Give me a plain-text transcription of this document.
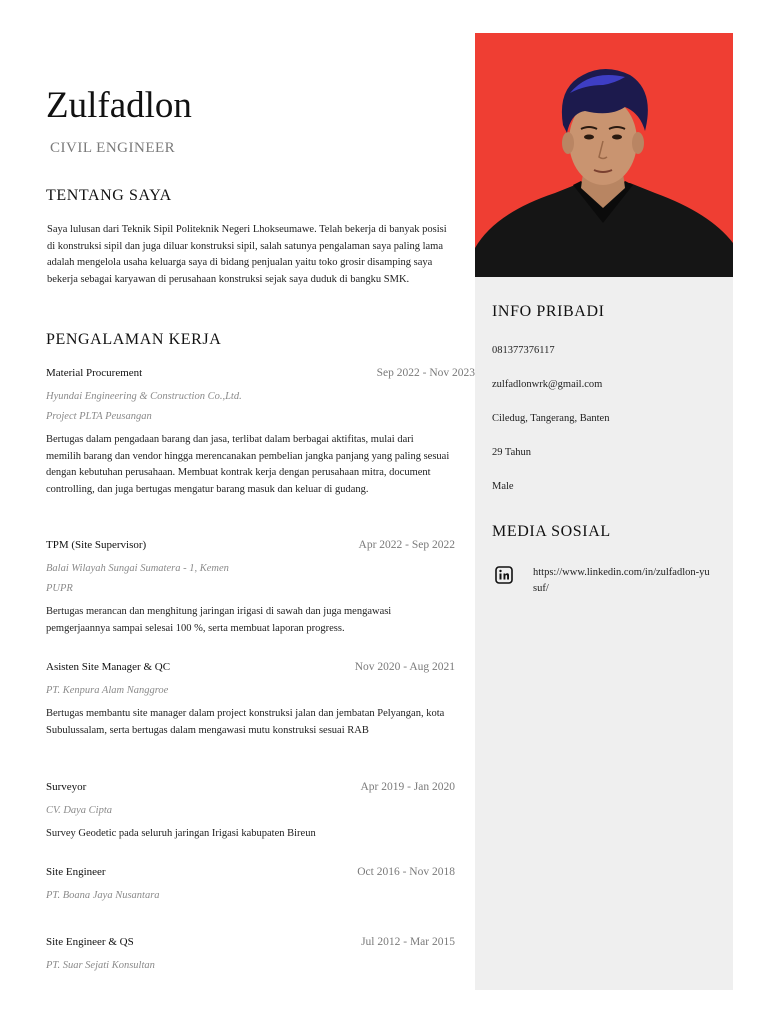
Zulfadlon
CIVIL ENGINEER
TENTANG SAYA
Saya lulusan dari Teknik Sipil Politeknik Negeri Lhokseumawe. Telah bekerja di banyak posisi di konstruksi sipil dan juga diluar konstruksi sipil, salah satunya pengalaman saya paling lama adalah mengelola usaha keluarga saya di bidang penjualan yaitu toko grosir disamping saya bekerja sebagai karyawan di perusahaan konstruksi sejak saya duduk di bangku SMK.
PENGALAMAN KERJA
Material Procurement	Sep 2022 - Nov 2023
Hyundai Engineering & Construction Co.,Ltd. Project PLTA Peusangan
Bertugas dalam pengadaan barang dan jasa, terlibat dalam berbagai aktifitas, mulai dari memilih barang dan vendor hingga merencanakan pembelian jangka panjang yang paling sesuai dengan kebutuhan perusahaan. Membuat kontrak kerja dengan perusahaan mitra, document controlling, dan juga bertugas mengatur barang masuk dan keluar di gudang.
TPM (Site Supervisor)	Apr 2022 - Sep 2022
Balai Wilayah Sungai Sumatera - 1, Kemen PUPR
Bertugas merancan dan menghitung jaringan irigasi di sawah dan juga mengawasi pemgerjaannya sampai selesai 100 %, serta membuat laporan progress.
Asisten Site Manager & QC	Nov 2020 - Aug 2021
PT. Kenpura Alam Nanggroe
Bertugas membantu site manager dalam project konstruksi jalan dan jembatan Pelyangan, kota Subulussalam, serta bertugas dalam mengawasi mutu konstruksi sesuai RAB
Surveyor	Apr 2019 - Jan 2020
CV. Daya Cipta
Survey Geodetic pada seluruh jaringan Irigasi kabupaten Bireun
Site Engineer	Oct 2016 - Nov 2018
PT. Boana Jaya Nusantara
Site Engineer & QS	Jul 2012 - Mar 2015
PT. Suar Sejati Konsultan
INFO PRIBADI
081377376117
zulfadlonwrk@gmail.com
Ciledug, Tangerang, Banten
29 Tahun
Male
MEDIA SOSIAL
https://www.linkedin.com/in/zulfadlon-yusuf/
